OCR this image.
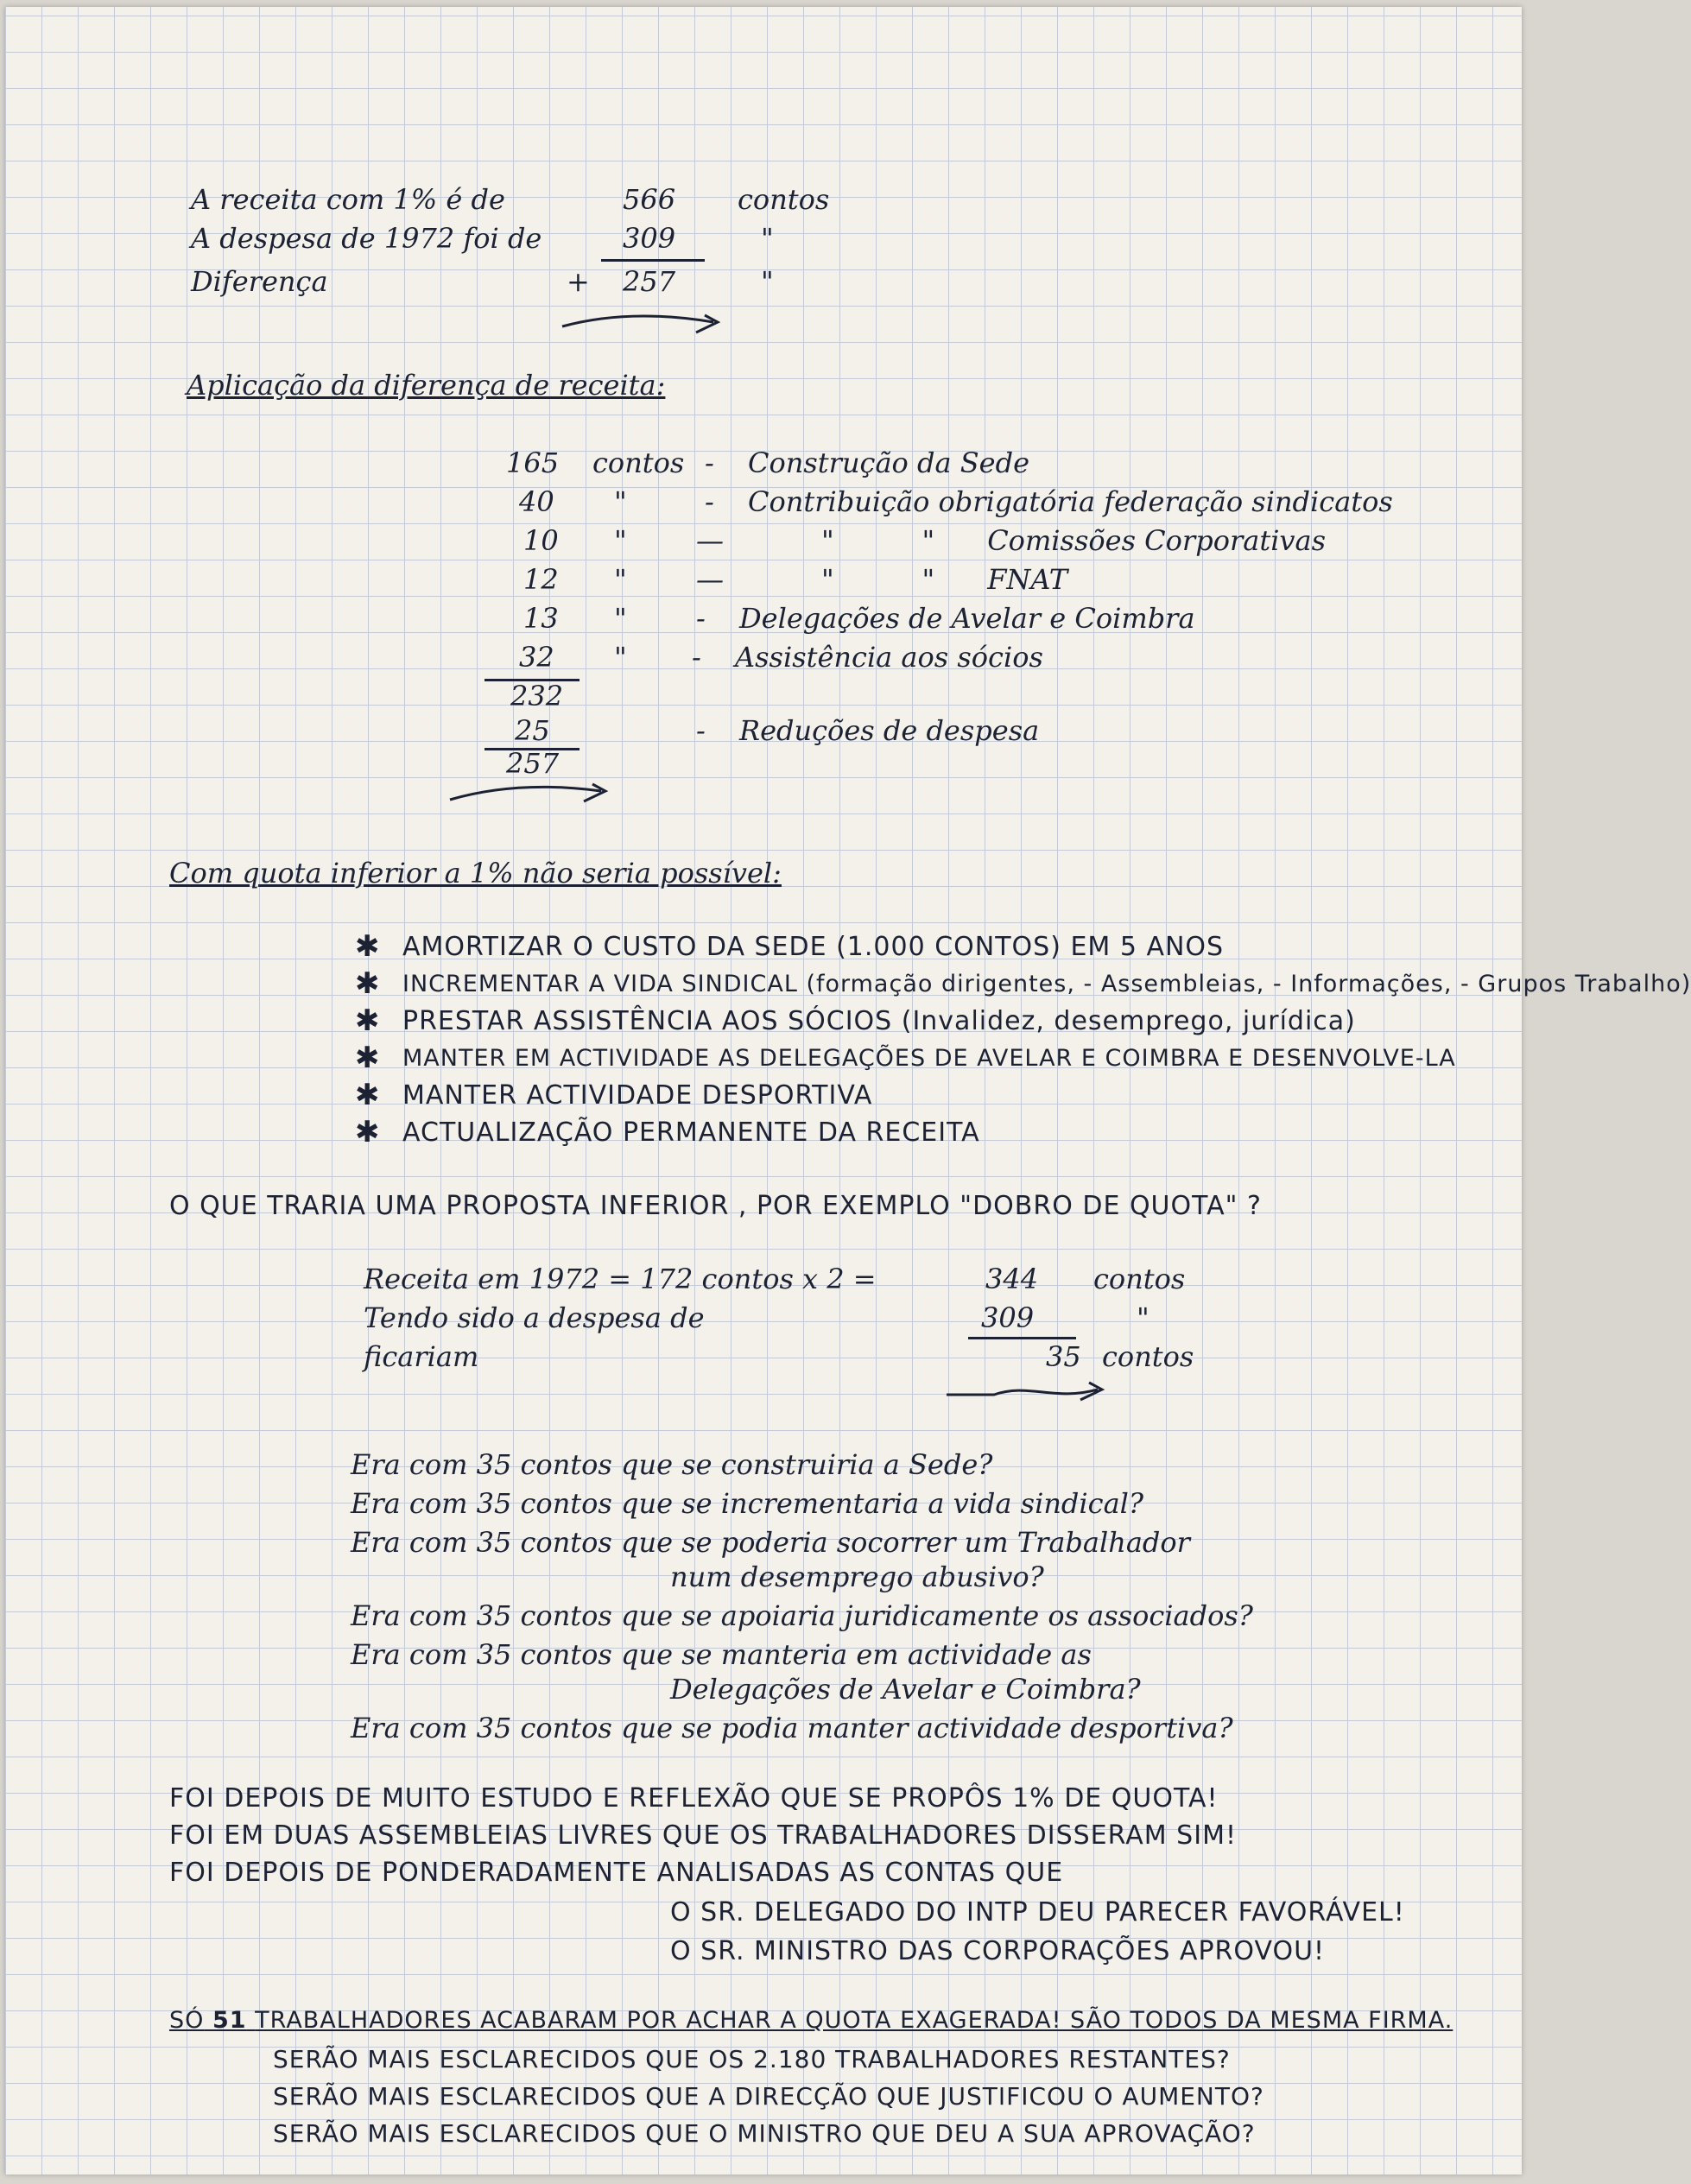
A receita com 1% é de	566 contos
A despesa de 1972 foi de	309	"
Diferença	+ 257	"
Aplicação da diferença de receita:
165 contos - Construção da Sede
40 "	- Contribuição obrigatória federação sindicatos
10 "	—	"          "      Comissões Corporativas
12 "	—	"          "      FNAT
13 "	- Delegações de Avelar e Coimbra
32 " - Assistência aos sócios
232
25	- Reduções de despesa
257
Com quota inferior a 1% não seria possível:
✱ AMORTIZAR O CUSTO DA SEDE (1.000 CONTOS) EM 5 ANOS
✱ INCREMENTAR A VIDA SINDICAL (formação dirigentes, - Assembleias, - Informações, - Grupos Trabalho)
✱ PRESTAR ASSISTÊNCIA AOS SÓCIOS (Invalidez, desemprego, jurídica)
✱ MANTER EM ACTIVIDADE AS DELEGAÇÕES DE AVELAR E COIMBRA E DESENVOLVE-LA
✱ MANTER ACTIVIDADE DESPORTIVA
✱ ACTUALIZAÇÃO PERMANENTE DA RECEITA
O QUE TRARIA UMA PROPOSTA INFERIOR , POR EXEMPLO "DOBRO DE QUOTA" ?
Receita em 1972 = 172 contos x 2 =	344 contos
Tendo sido a despesa de	309	"
ficariam	35 contos
Era com 35 contos que se construiria a Sede?
Era com 35 contos que se incrementaria a vida sindical?
Era com 35 contos que se poderia socorrer um Trabalhador
num desemprego abusivo?
Era com 35 contos que se apoiaria juridicamente os associados?
Era com 35 contos que se manteria em actividade as
Delegações de Avelar e Coimbra?
Era com 35 contos que se podia manter actividade desportiva?
FOI DEPOIS DE MUITO ESTUDO E REFLEXÃO QUE SE PROPÔS 1% DE QUOTA!
FOI EM DUAS ASSEMBLEIAS LIVRES QUE OS TRABALHADORES DISSERAM SIM!
FOI DEPOIS DE PONDERADAMENTE ANALISADAS AS CONTAS QUE
O SR. DELEGADO DO INTP DEU PARECER FAVORÁVEL!
O SR. MINISTRO DAS CORPORAÇÕES APROVOU!
SÓ 51 TRABALHADORES ACABARAM POR ACHAR A QUOTA EXAGERADA! SÃO TODOS DA MESMA FIRMA.
SERÃO MAIS ESCLARECIDOS QUE OS 2.180 TRABALHADORES RESTANTES?
SERÃO MAIS ESCLARECIDOS QUE A DIRECÇÃO QUE JUSTIFICOU O AUMENTO?
SERÃO MAIS ESCLARECIDOS QUE O MINISTRO QUE DEU A SUA APROVAÇÃO?
